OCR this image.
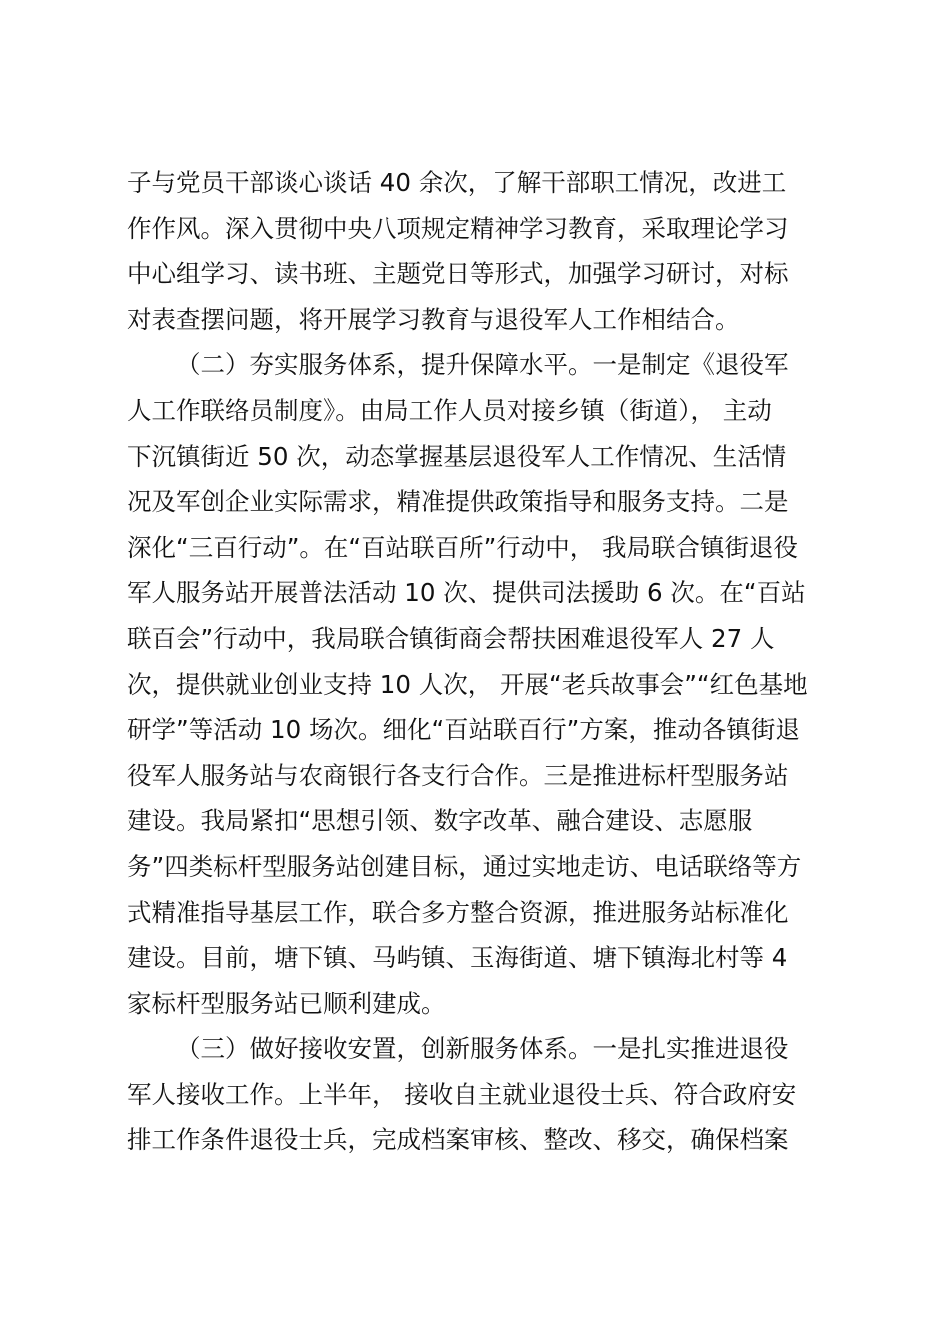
子与党员干部谈心谈话 40 余次，了解干部职工情况，改进工
作作风。深入贯彻中央八项规定精神学习教育，采取理论学习
中心组学习、读书班、主题党日等形式，加强学习研讨，对标
对表查摆问题，将开展学习教育与退役军人工作相结合。
（二）夯实服务体系，提升保障水平。一是制定《退役军
人工作联络员制度》。由局工作人员对接乡镇（街道）， 主动
下沉镇街近 50 次，动态掌握基层退役军人工作情况、生活情
况及军创企业实际需求，精准提供政策指导和服务支持。二是
深化“三百行动”。在“百站联百所”行动中， 我局联合镇街退役
军人服务站开展普法活动 10 次、提供司法援助 6 次。在“百站
联百会”行动中，我局联合镇街商会帮扶困难退役军人 27 人
次，提供就业创业支持 10 人次， 开展“老兵故事会”“红色基地
研学”等活动 10 场次。细化“百站联百行”方案，推动各镇街退
役军人服务站与农商银行各支行合作。三是推进标杆型服务站
建设。我局紧扣“思想引领、数字改革、融合建设、志愿服
务”四类标杆型服务站创建目标，通过实地走访、电话联络等方
式精准指导基层工作，联合多方整合资源，推进服务站标准化
建设。目前，塘下镇、马屿镇、玉海街道、塘下镇海北村等 4
家标杆型服务站已顺利建成。
（三）做好接收安置，创新服务体系。一是扎实推进退役
军人接收工作。上半年， 接收自主就业退役士兵、符合政府安
排工作条件退役士兵，完成档案审核、整改、移交，确保档案
